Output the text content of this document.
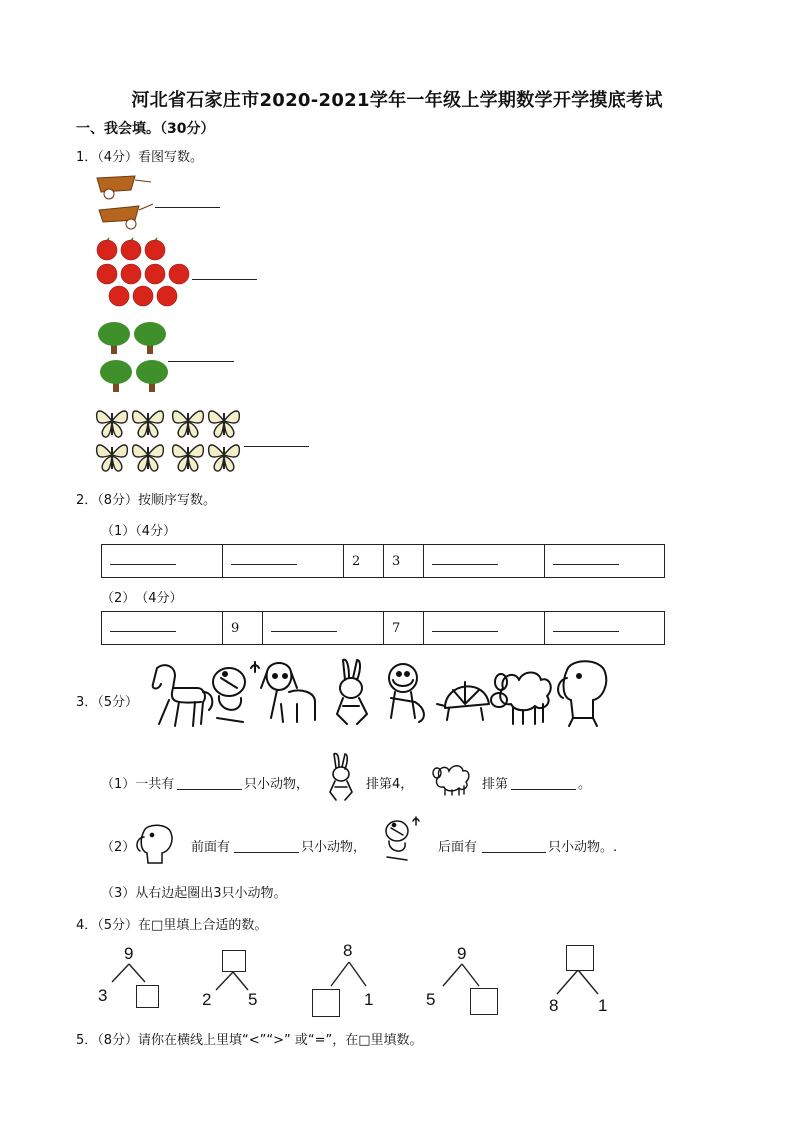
河北省石家庄市2020-2021学年一年级上学期数学开学摸底考试
一、我会填。（30分）
1．（4分）看图写数。
2．（8分）按顺序写数。
（1）（4分）
		2	3		
（2）　（4分）
	9		7		
3．（5分）
（1）一共有	只小动物，	排第4，	排第	。
（2）	前面有	只小动物，	后面有	只小动物。.
（3）从右边起圈出3只小动物。
4．（5分）在□里填上合适的数。
9
3	2 5
8
1
9
5	8 1
5．（8分）请你在横线上里填“<”“>” 或“=”，在□里填数。
